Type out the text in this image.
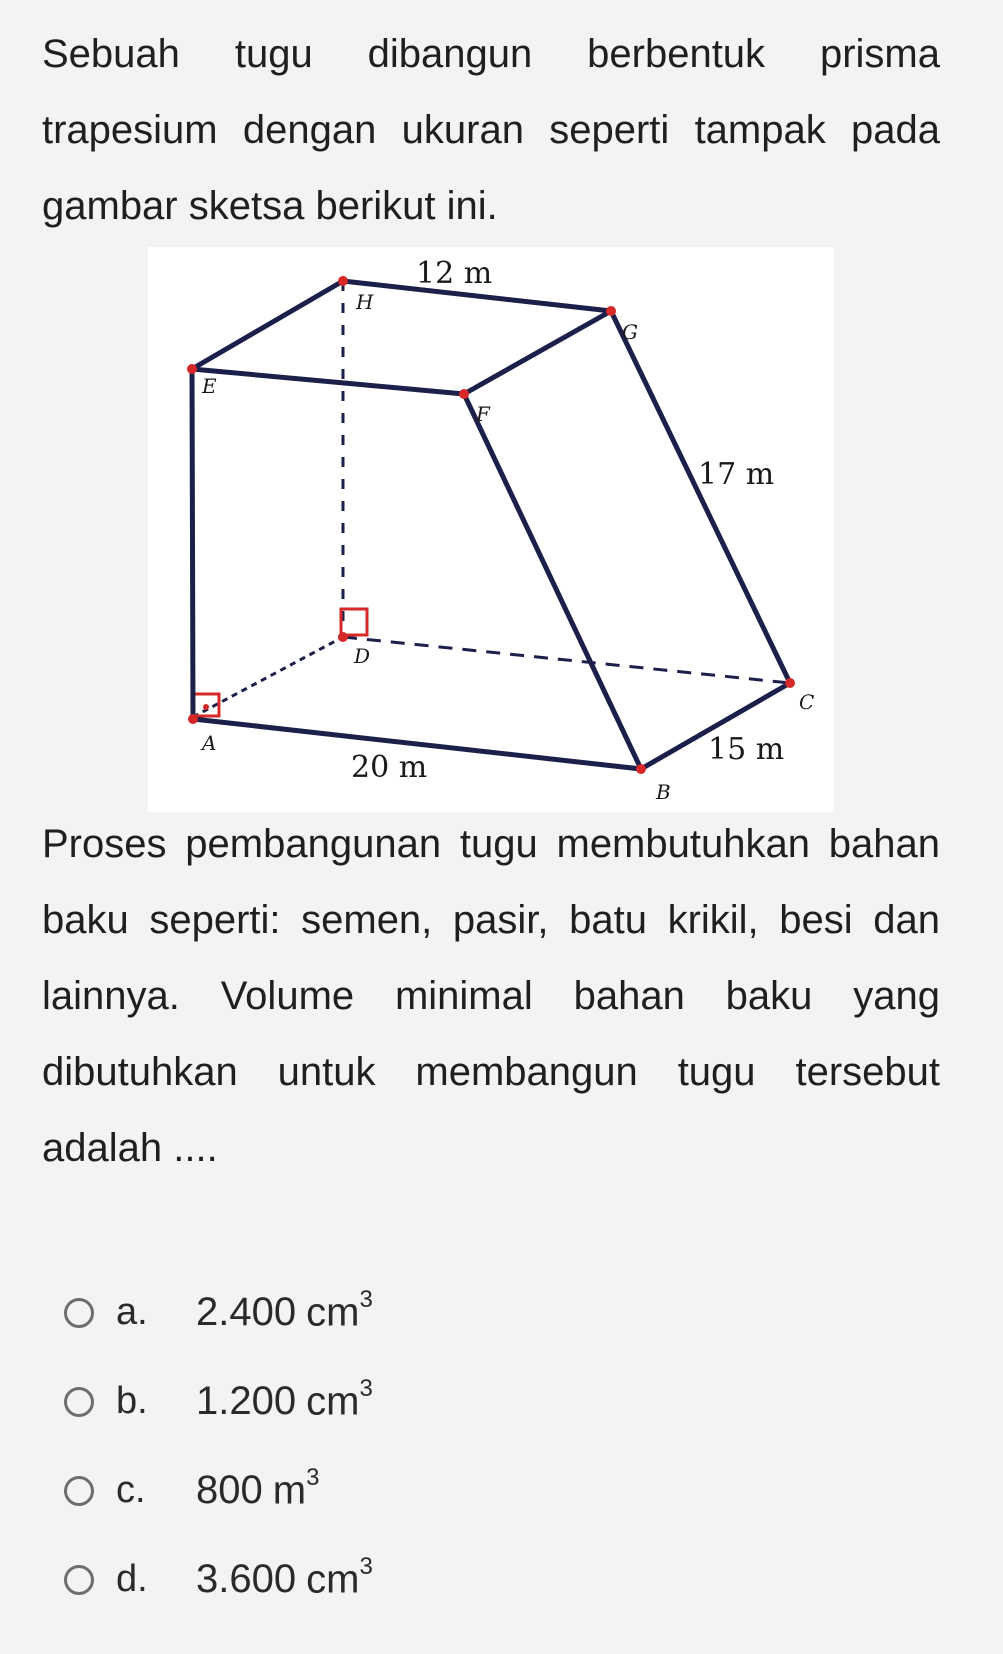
Sebuah tugu dibangun berbentuk prisma trapesium dengan ukuran seperti tampak pada gambar sketsa berikut ini.

H
G
E
F
D
A
B
C
12 m
17 m
15 m
20 m

Proses pembangunan tugu membutuhkan bahan baku seperti: semen, pasir, batu krikil, besi dan lainnya. Volume minimal bahan baku yang dibutuhkan untuk membangun tugu tersebut adalah ....

a.	2.400 $cm^3$
b.	1.200 $cm^3$
c.	800 $m^3$
d.	3.600 $cm^3$
